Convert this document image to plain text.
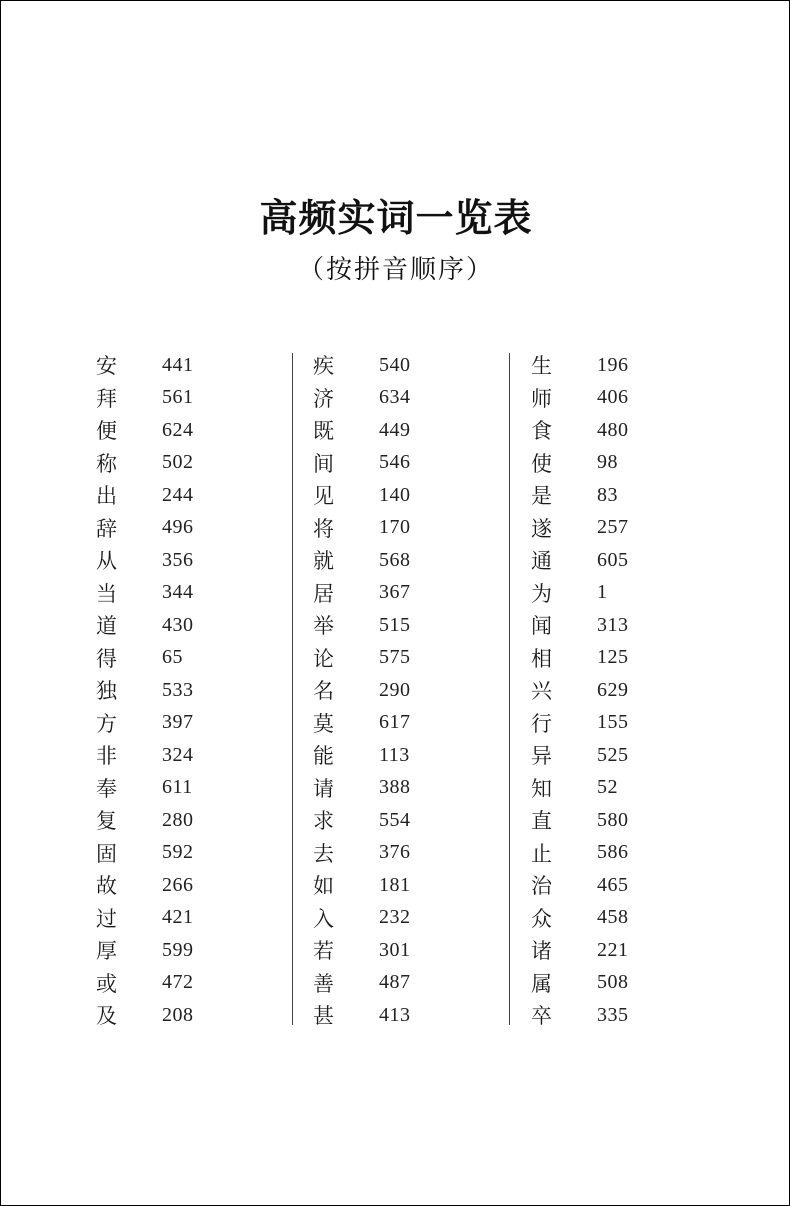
高频实词一览表
（按拼音顺序）
安	441
拜	561
便	624
称	502
出	244
辞	496
从	356
当	344
道	430
得	65
独	533
方	397
非	324
奉	611
复	280
固	592
故	266
过	421
厚	599
或	472
及	208
疾	540
济	634
既	449
间	546
见	140
将	170
就	568
居	367
举	515
论	575
名	290
莫	617
能	113
请	388
求	554
去	376
如	181
入	232
若	301
善	487
甚	413
生	196
师	406
食	480
使	98
是	83
遂	257
通	605
为	1
闻	313
相	125
兴	629
行	155
异	525
知	52
直	580
止	586
治	465
众	458
诸	221
属	508
卒	335
